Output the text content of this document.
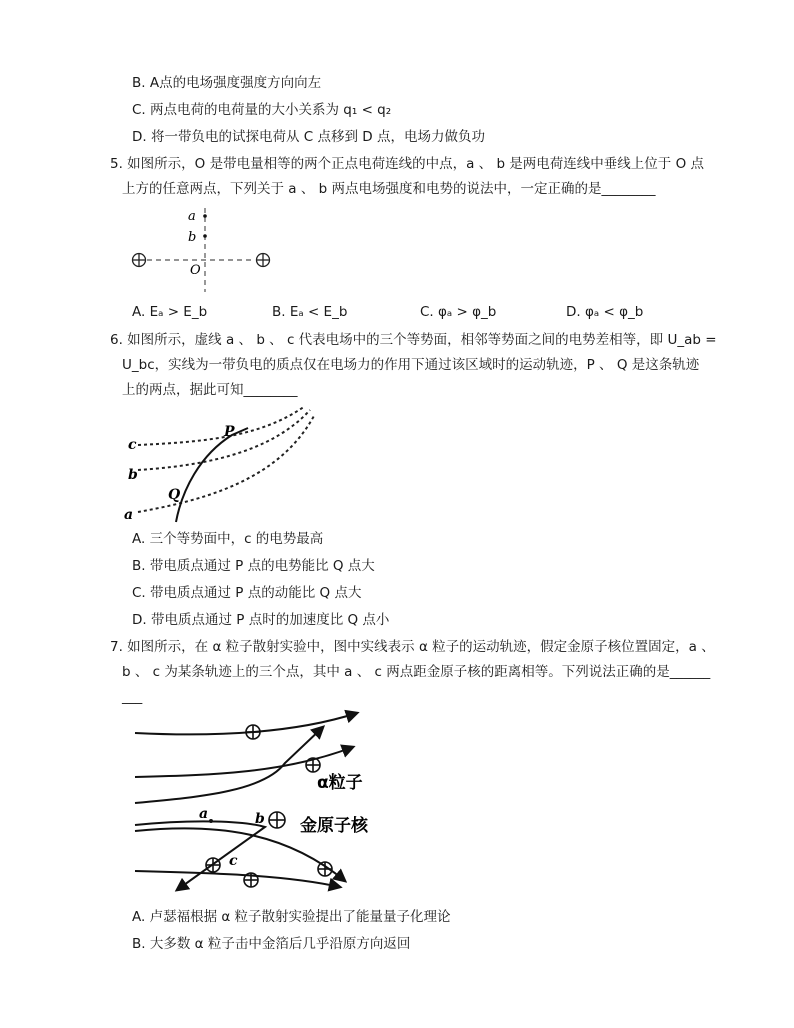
B. A点的电场强度强度方向向左
C. 两点电荷的电荷量的大小关系为 q₁ < q₂
D. 将一带负电的试探电荷从 C 点移到 D 点，电场力做负功
5. 如图所示，O 是带电量相等的两个正点电荷连线的中点，a 、 b 是两电荷连线中垂线上位于 O 点
上方的任意两点，下列关于 a 、 b 两点电场强度和电势的说法中，一定正确的是________
a
b
O
A. Eₐ > E_b	B. Eₐ < E_b	C. φₐ > φ_b	D. φₐ < φ_b
6. 如图所示，虚线 a 、 b 、 c 代表电场中的三个等势面，相邻等势面之间的电势差相等，即 U_ab =
U_bc，实线为一带负电的质点仅在电场力的作用下通过该区域时的运动轨迹，P 、 Q 是这条轨迹
上的两点，据此可知________
c
b
a
P
Q
A. 三个等势面中，c 的电势最高
B. 带电质点通过 P 点的电势能比 Q 点大
C. 带电质点通过 P 点的动能比 Q 点大
D. 带电质点通过 P 点时的加速度比 Q 点小
7. 如图所示，在 α 粒子散射实验中，图中实线表示 α 粒子的运动轨迹，假定金原子核位置固定，a 、
b 、 c 为某条轨迹上的三个点，其中 a 、 c 两点距金原子核的距离相等。下列说法正确的是______
___
a	b
c
α粒子
金原子核
A. 卢瑟福根据 α 粒子散射实验提出了能量量子化理论
B. 大多数 α 粒子击中金箔后几乎沿原方向返回
